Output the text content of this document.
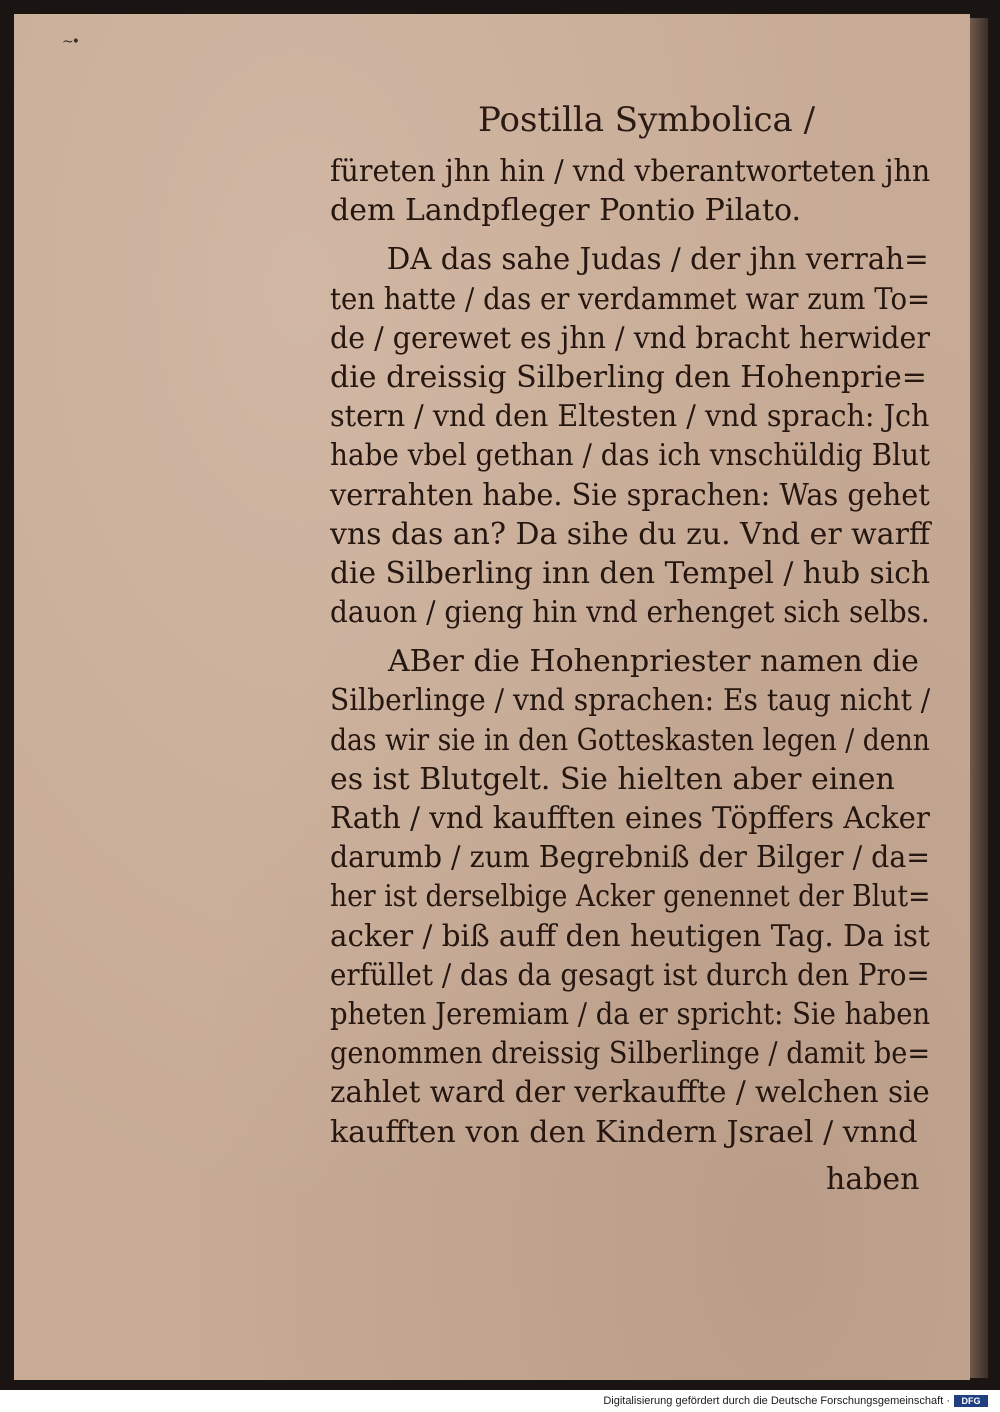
~•
Postilla Symbolica /
füreten jhn hin / vnd vberantworteten jhn
dem Landpfleger Pontio Pilato.
DA das sahe Judas / der jhn verrah=
ten hatte / das er verdammet war zum To=
de / gerewet es jhn / vnd bracht herwider
die dreissig Silberling den Hohenprie=
stern / vnd den Eltesten / vnd sprach: Jch
habe vbel gethan / das ich vnschüldig Blut
verrahten habe. Sie sprachen: Was gehet
vns das an? Da sihe du zu. Vnd er warff
die Silberling inn den Tempel / hub sich
dauon / gieng hin vnd erhenget sich selbs.
ABer die Hohenpriester namen die
Silberlinge / vnd sprachen: Es taug nicht /
das wir sie in den Gotteskasten legen / denn
es ist Blutgelt. Sie hielten aber einen
Rath / vnd kaufften eines Töpffers Acker
darumb / zum Begrebniß der Bilger / da=
her ist derselbige Acker genennet der Blut=
acker / biß auff den heutigen Tag. Da ist
erfüllet / das da gesagt ist durch den Pro=
pheten Jeremiam / da er spricht: Sie haben
genommen dreissig Silberlinge / damit be=
zahlet ward der verkauffte / welchen sie
kaufften von den Kindern Jsrael / vnnd
haben
Digitalisierung gefördert durch die Deutsche Forschungsgemeinschaft ·	DFG
